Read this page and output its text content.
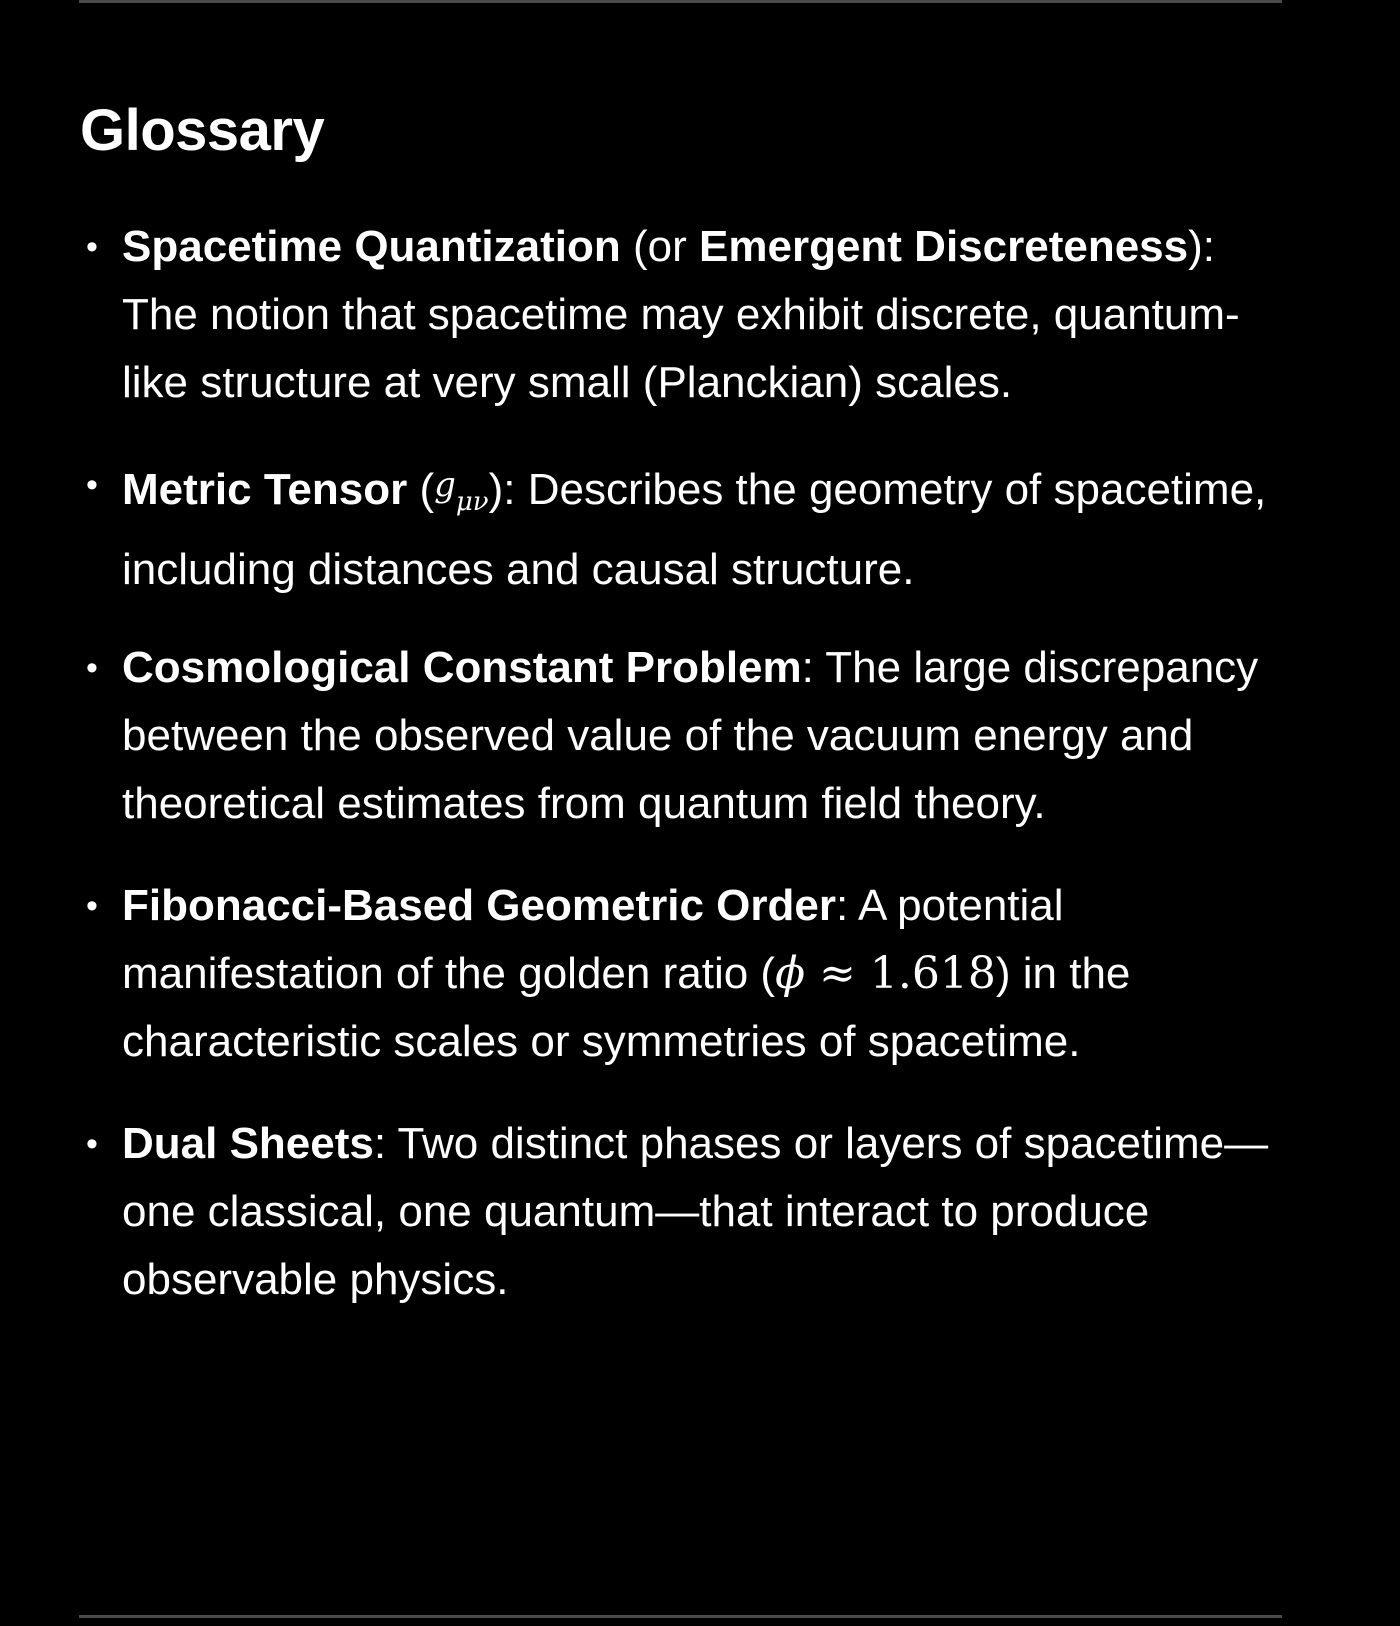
Glossary
• Spacetime Quantization (or Emergent Discreteness): The notion that spacetime may exhibit discrete, quantum-like structure at very small (Planckian) scales.
• Metric Tensor (gμν): Describes the geometry of spacetime, including distances and causal structure.
• Cosmological Constant Problem: The large discrepancy between the observed value of the vacuum energy and theoretical estimates from quantum field theory.
• Fibonacci-Based Geometric Order: A potential manifestation of the golden ratio (ϕ ≈ 1.618) in the characteristic scales or symmetries of spacetime.
• Dual Sheets: Two distinct phases or layers of spacetime—one classical, one quantum—that interact to produce observable physics.
